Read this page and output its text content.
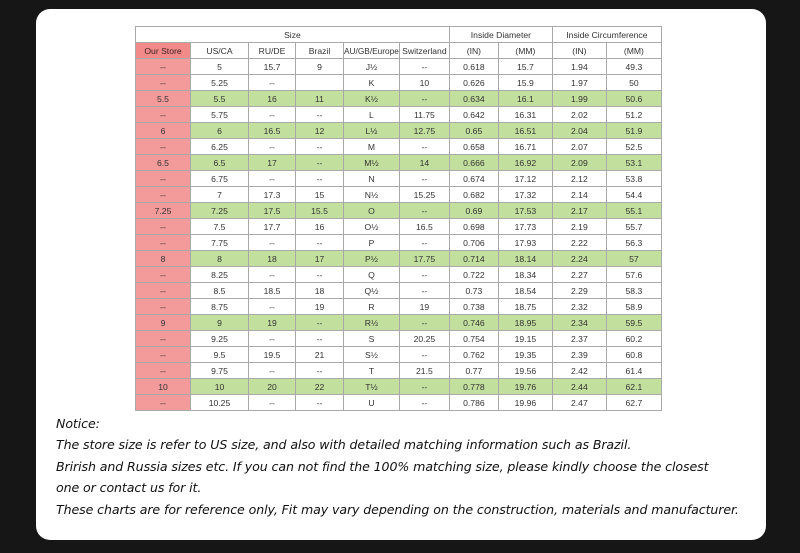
Size						Inside Diameter		Inside Circumference	
Our Store	US/CA	RU/DE	Brazil	AU/GB/Europe	Switzerland	(IN)	(MM)	(IN)	(MM)
--	5	15.7	9	J½	--	0.618	15.7	1.94	49.3
--	5.25	--		K	10	0.626	15.9	1.97	50
5.5	5.5	16	11	K½	--	0.634	16.1	1.99	50.6
--	5.75	--	--	L	11.75	0.642	16.31	2.02	51.2
6	6	16.5	12	L½	12.75	0.65	16.51	2.04	51.9
--	6.25	--	--	M	--	0.658	16.71	2.07	52.5
6.5	6.5	17	--	M½	14	0.666	16.92	2.09	53.1
--	6.75	--	--	N	--	0.674	17.12	2.12	53.8
--	7	17.3	15	N½	15.25	0.682	17.32	2.14	54.4
7.25	7.25	17.5	15.5	O	--	0.69	17.53	2.17	55.1
--	7.5	17.7	16	O½	16.5	0.698	17.73	2.19	55.7
--	7.75	--	--	P	--	0.706	17.93	2.22	56.3
8	8	18	17	P½	17.75	0.714	18.14	2.24	57
--	8.25	--	--	Q	--	0.722	18.34	2.27	57.6
--	8.5	18.5	18	Q½	--	0.73	18.54	2.29	58.3
--	8.75	--	19	R	19	0.738	18.75	2.32	58.9
9	9	19	--	R½	--	0.746	18.95	2.34	59.5
--	9.25	--	--	S	20.25	0.754	19.15	2.37	60.2
--	9.5	19.5	21	S½	--	0.762	19.35	2.39	60.8
--	9.75	--	--	T	21.5	0.77	19.56	2.42	61.4
10	10	20	22	T½	--	0.778	19.76	2.44	62.1
--	10.25	--	--	U	--	0.786	19.96	2.47	62.7
Notice:
The store size is refer to US size, and also with detailed matching information such as Brazil.
Brirish and Russia sizes etc. If you can not find the 100% matching size, please kindly choose the closest
one or contact us for it.
These charts are for reference only, Fit may vary depending on the construction, materials and manufacturer.
